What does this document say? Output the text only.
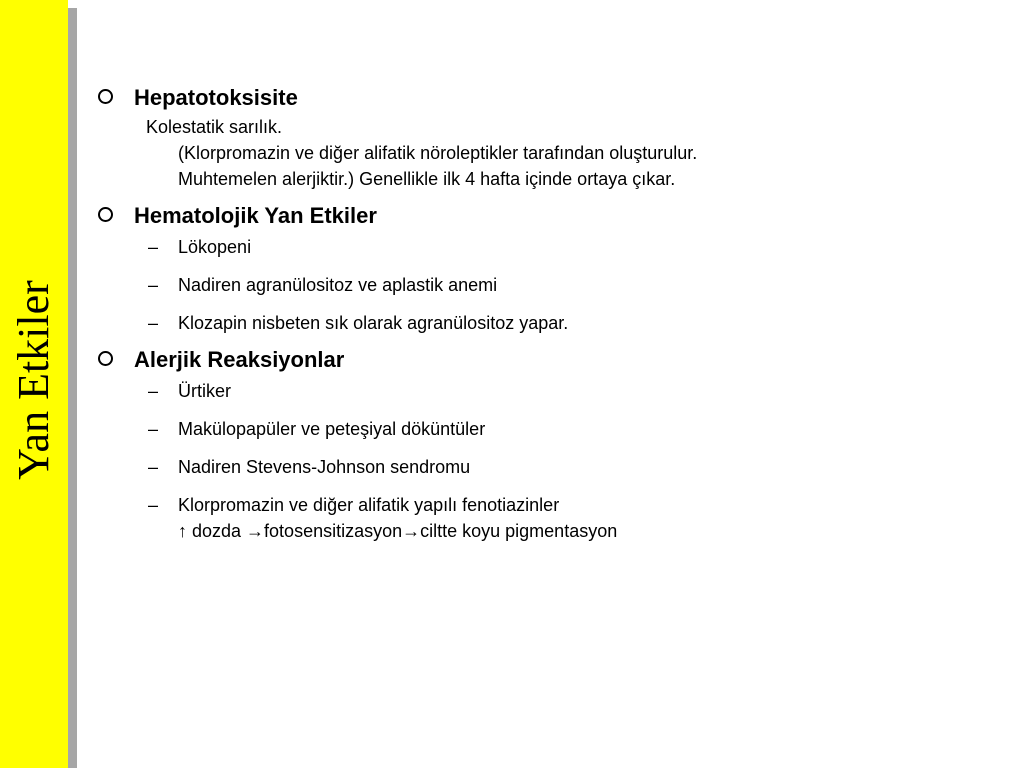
Yan Etkiler
Hepatotoksisite
Kolestatik sarılık.
(Klorpromazin ve diğer alifatik nöroleptikler tarafından oluşturulur.
Muhtemelen alerjiktir.) Genellikle ilk 4 hafta içinde ortaya çıkar.
Hematolojik Yan Etkiler
– Lökopeni
– Nadiren agranülositoz ve aplastik anemi
– Klozapin nisbeten sık olarak agranülositoz yapar.
Alerjik Reaksiyonlar
– Ürtiker
– Makülopapüler ve peteşiyal döküntüler
– Nadiren Stevens-Johnson sendromu
– Klorpromazin ve diğer alifatik yapılı fenotiazinler
↑ dozda →fotosensitizasyon→ciltte koyu pigmentasyon
